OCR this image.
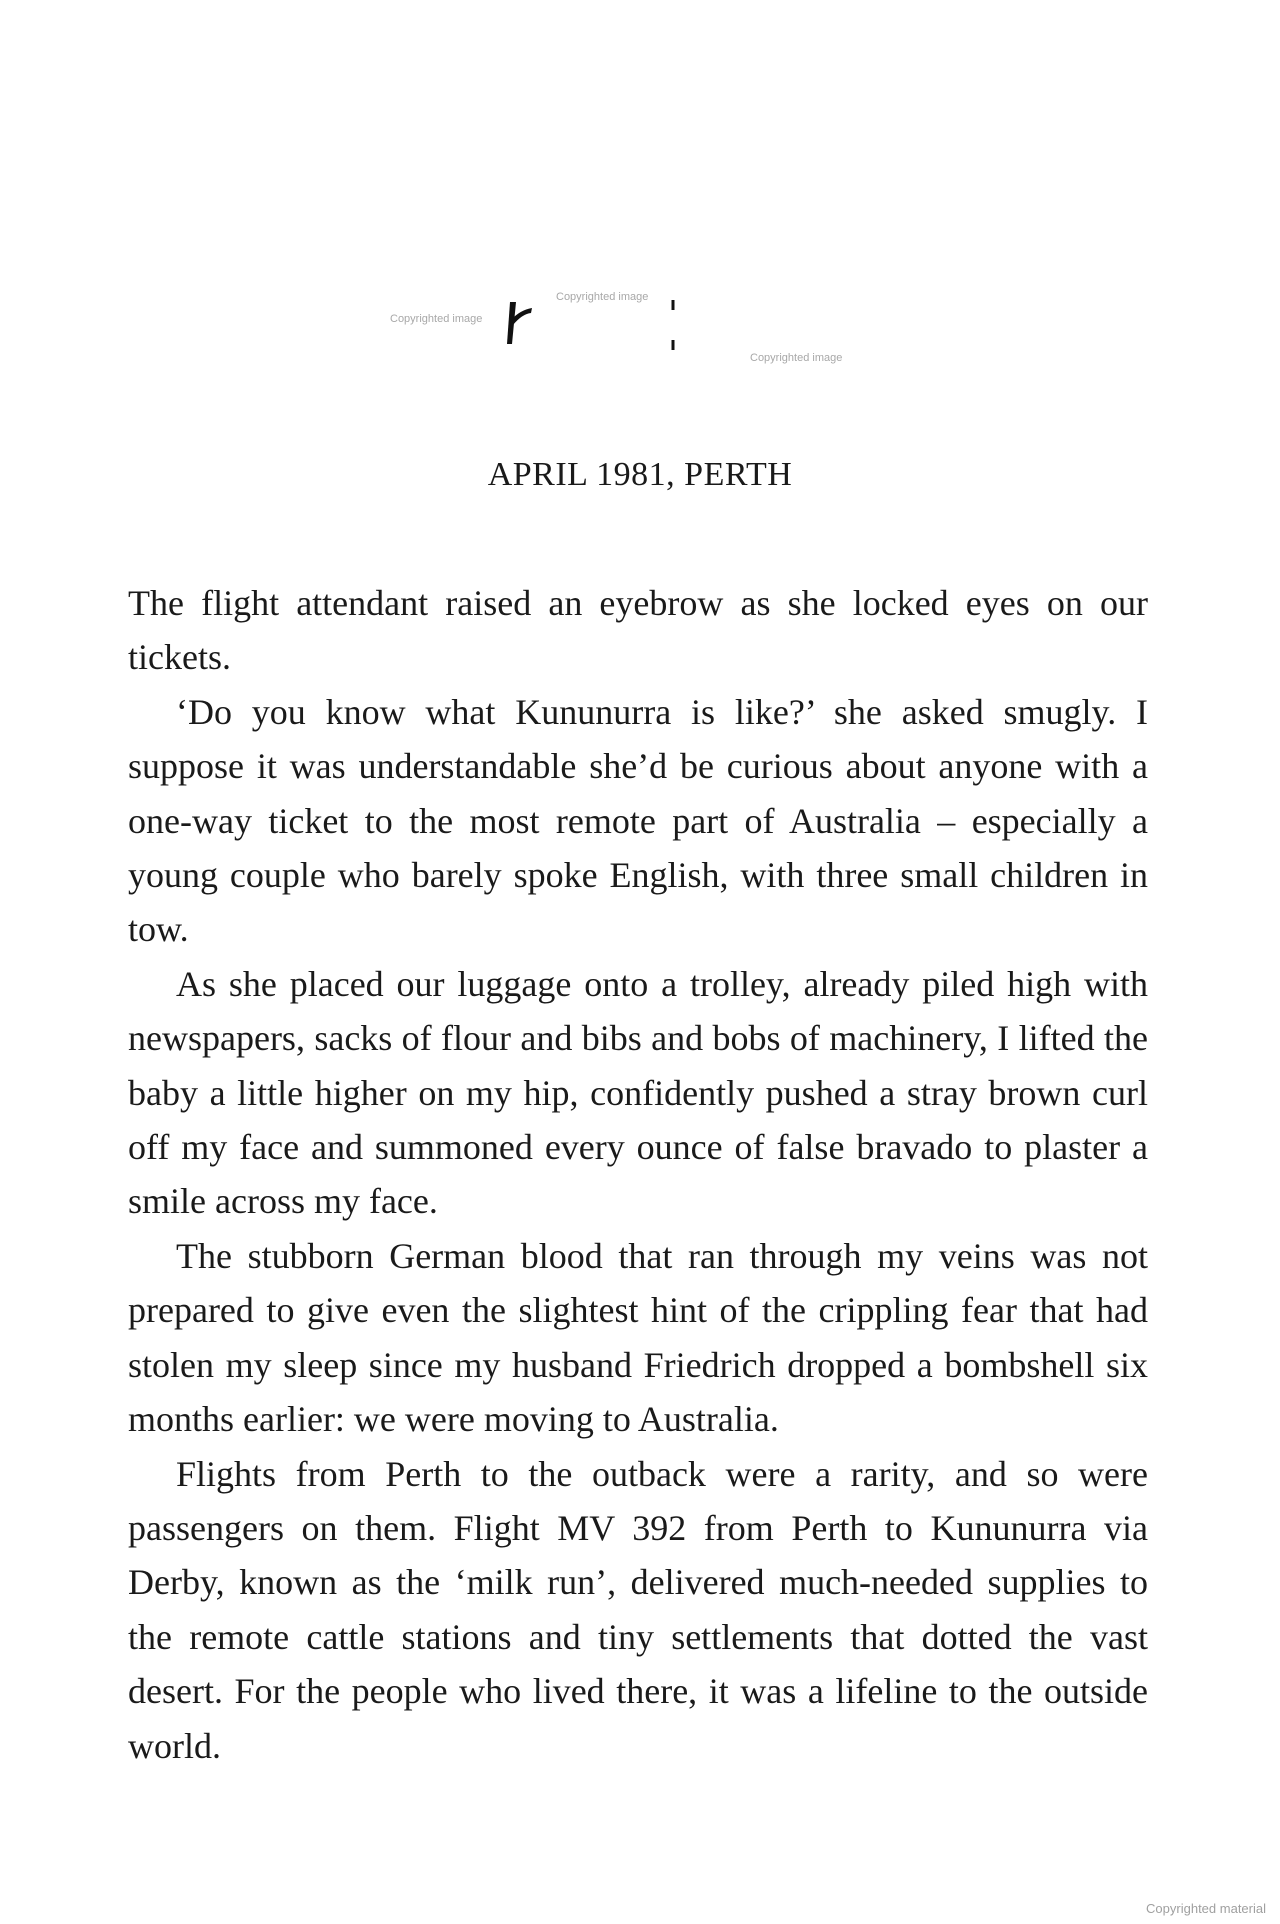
Copyrighted image
Copyrighted image
Copyrighted image
APRIL 1981, PERTH

The flight attendant raised an eyebrow as she locked eyes on our tickets.

‘Do you know what Kununurra is like?’ she asked smugly. I suppose it was understandable she’d be curious about anyone with a one-way ticket to the most remote part of Australia – especially a young couple who barely spoke English, with three small children in tow.

As she placed our luggage onto a trolley, already piled high with newspapers, sacks of flour and bibs and bobs of machinery, I lifted the baby a little higher on my hip, confidently pushed a stray brown curl off my face and summoned every ounce of false bravado to plaster a smile across my face.

The stubborn German blood that ran through my veins was not prepared to give even the slightest hint of the crippling fear that had stolen my sleep since my husband Friedrich dropped a bombshell six months earlier: we were moving to Australia.

Flights from Perth to the outback were a rarity, and so were passengers on them. Flight MV 392 from Perth to Kununurra via Derby, known as the ‘milk run’, delivered much-needed supplies to the remote cattle stations and tiny settlements that dotted the vast desert. For the people who lived there, it was a lifeline to the outside world.

Copyrighted material
